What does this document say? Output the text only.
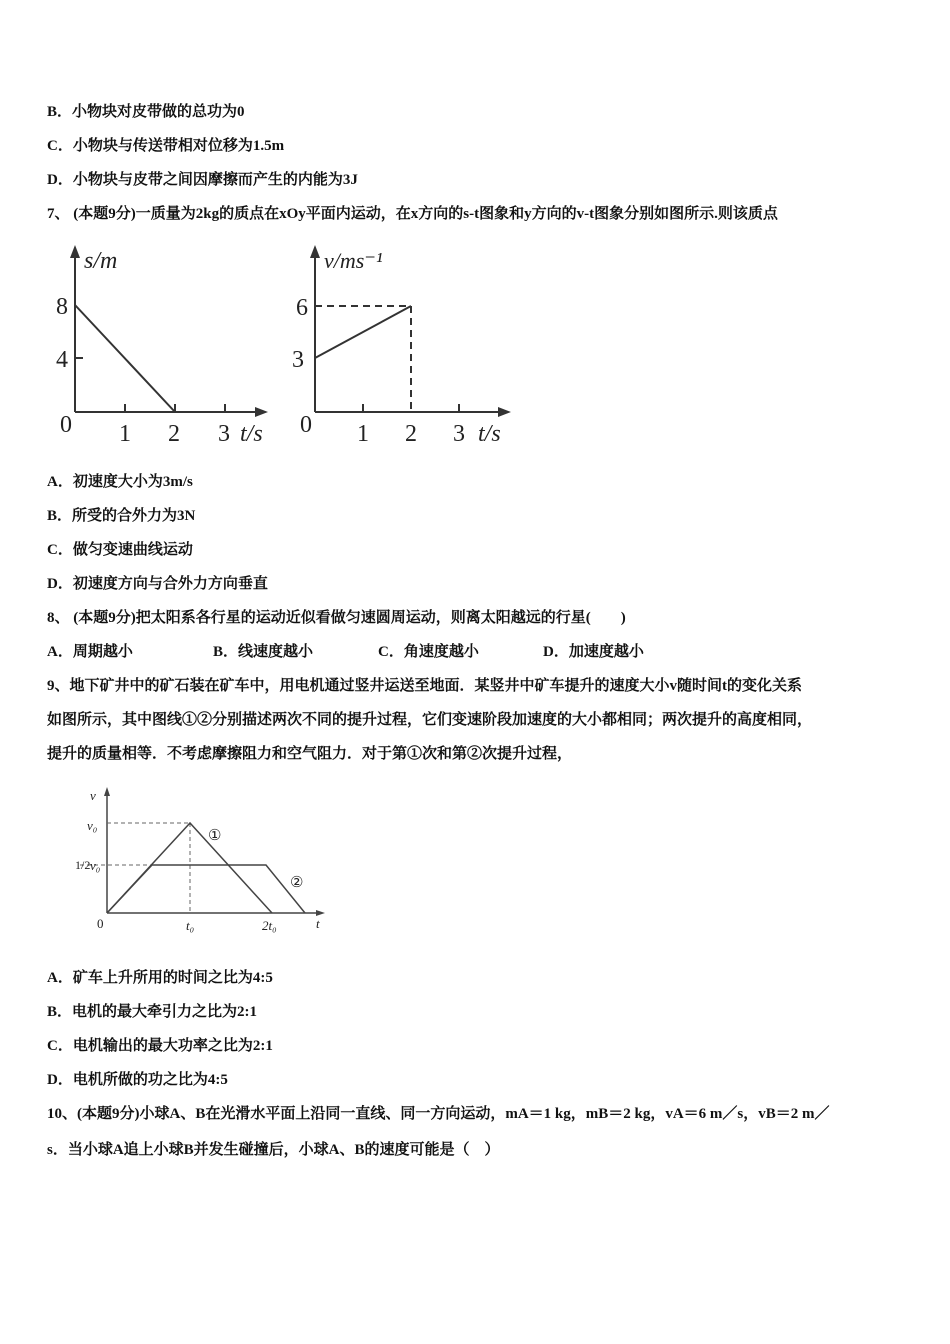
B．小物块对皮带做的总功为0
C．小物块与传送带相对位移为1.5m
D．小物块与皮带之间因摩擦而产生的内能为3J
7、 (本题9分)一质量为2kg的质点在xOy平面内运动，在x方向的s-t图象和y方向的v-t图象分别如图所示.则该质点
s/m
8
4
0 1 2 3 t/s
v/ms⁻¹
6
3
0 1 2 3 t/s
v
v₀
1/2 v₀
0	t₀	2t₀	t
①
②
A．初速度大小为3m/s
B．所受的合外力为3N
C．做匀变速曲线运动
D．初速度方向与合外力方向垂直
8、 (本题9分)把太阳系各行星的运动近似看做匀速圆周运动，则离太阳越远的行星(　　)
A．周期越小	B．线速度越小	C．角速度越小	D．加速度越小
9、地下矿井中的矿石装在矿车中，用电机通过竖井运送至地面．某竖井中矿车提升的速度大小v随时间t的变化关系
如图所示，其中图线①②分别描述两次不同的提升过程，它们变速阶段加速度的大小都相同；两次提升的高度相同，
提升的质量相等．不考虑摩擦阻力和空气阻力．对于第①次和第②次提升过程，
A．矿车上升所用的时间之比为4:5
B．电机的最大牵引力之比为2:1
C．电机输出的最大功率之比为2:1
D．电机所做的功之比为4:5
10、(本题9分)小球A、B在光滑水平面上沿同一直线、同一方向运动，mA＝1 kg，mB＝2 kg，vA＝6 m／s，vB＝2 m／
s．当小球A追上小球B并发生碰撞后，小球A、B的速度可能是（　）
